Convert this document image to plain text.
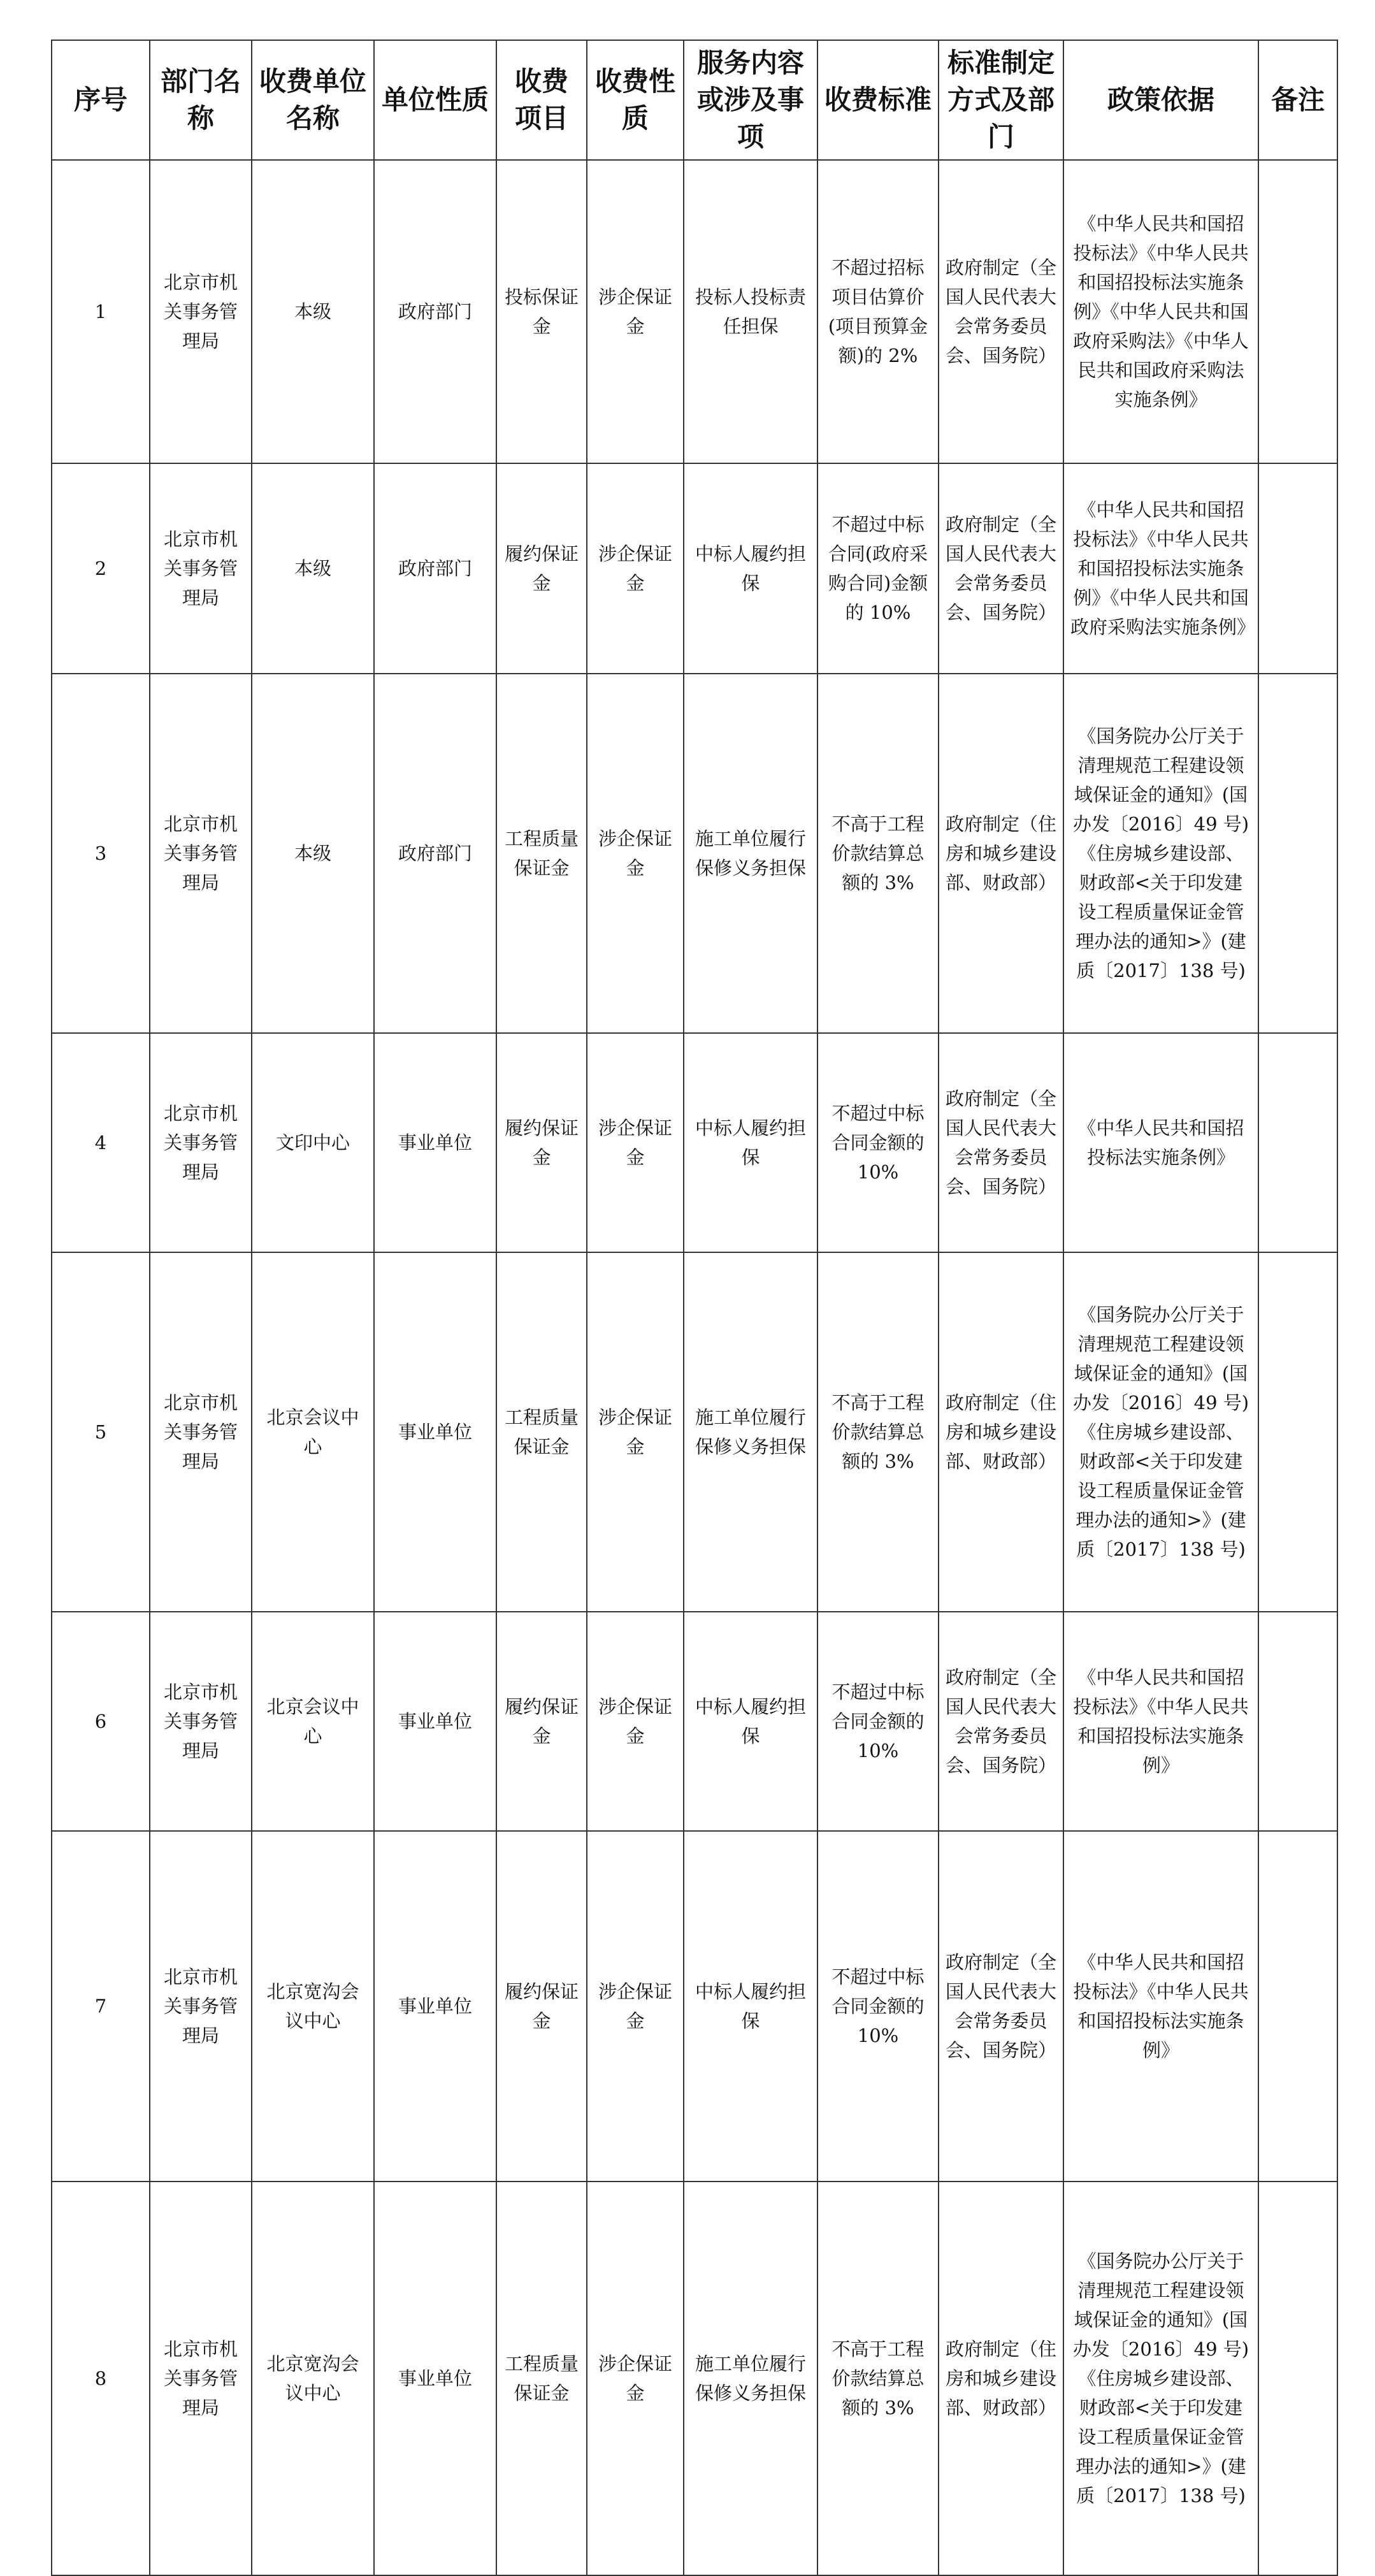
序号	部门名称	收费单位名称	单位性质	收费项目	收费性质	服务内容或涉及事项	收费标准	标准制定方式及部门	政策依据	备注
1	北京市机关事务管理局	本级	政府部门	投标保证金	涉企保证金	投标人投标责任担保	不超过招标项目估算价(项目预算金额)的 2%	政府制定（全国人民代表大会常务委员会、国务院）	《中华人民共和国招投标法》《中华人民共和国招投标法实施条例》《中华人民共和国政府采购法》《中华人民共和国政府采购法实施条例》	
2	北京市机关事务管理局	本级	政府部门	履约保证金	涉企保证金	中标人履约担保	不超过中标合同(政府采购合同)金额的 10%	政府制定（全国人民代表大会常务委员会、国务院）	《中华人民共和国招投标法》《中华人民共和国招投标法实施条例》《中华人民共和国政府采购法实施条例》	
3	北京市机关事务管理局	本级	政府部门	工程质量保证金	涉企保证金	施工单位履行保修义务担保	不高于工程价款结算总额的 3%	政府制定（住房和城乡建设部、财政部）	《国务院办公厅关于清理规范工程建设领域保证金的通知》(国办发〔2016〕49 号)《住房城乡建设部、财政部<关于印发建设工程质量保证金管理办法的通知>》(建质〔2017〕138 号)	
4	北京市机关事务管理局	文印中心	事业单位	履约保证金	涉企保证金	中标人履约担保	不超过中标合同金额的 10%	政府制定（全国人民代表大会常务委员会、国务院）	《中华人民共和国招投标法实施条例》	
5	北京市机关事务管理局	北京会议中心	事业单位	工程质量保证金	涉企保证金	施工单位履行保修义务担保	不高于工程价款结算总额的 3%	政府制定（住房和城乡建设部、财政部）	《国务院办公厅关于清理规范工程建设领域保证金的通知》(国办发〔2016〕49 号)《住房城乡建设部、财政部<关于印发建设工程质量保证金管理办法的通知>》(建质〔2017〕138 号)	
6	北京市机关事务管理局	北京会议中心	事业单位	履约保证金	涉企保证金	中标人履约担保	不超过中标合同金额的 10%	政府制定（全国人民代表大会常务委员会、国务院）	《中华人民共和国招投标法》《中华人民共和国招投标法实施条例》	
7	北京市机关事务管理局	北京宽沟会议中心	事业单位	履约保证金	涉企保证金	中标人履约担保	不超过中标合同金额的 10%	政府制定（全国人民代表大会常务委员会、国务院）	《中华人民共和国招投标法》《中华人民共和国招投标法实施条例》	
8	北京市机关事务管理局	北京宽沟会议中心	事业单位	工程质量保证金	涉企保证金	施工单位履行保修义务担保	不高于工程价款结算总额的 3%	政府制定（住房和城乡建设部、财政部）	《国务院办公厅关于清理规范工程建设领域保证金的通知》(国办发〔2016〕49 号)《住房城乡建设部、财政部<关于印发建设工程质量保证金管理办法的通知>》(建质〔2017〕138 号)	
